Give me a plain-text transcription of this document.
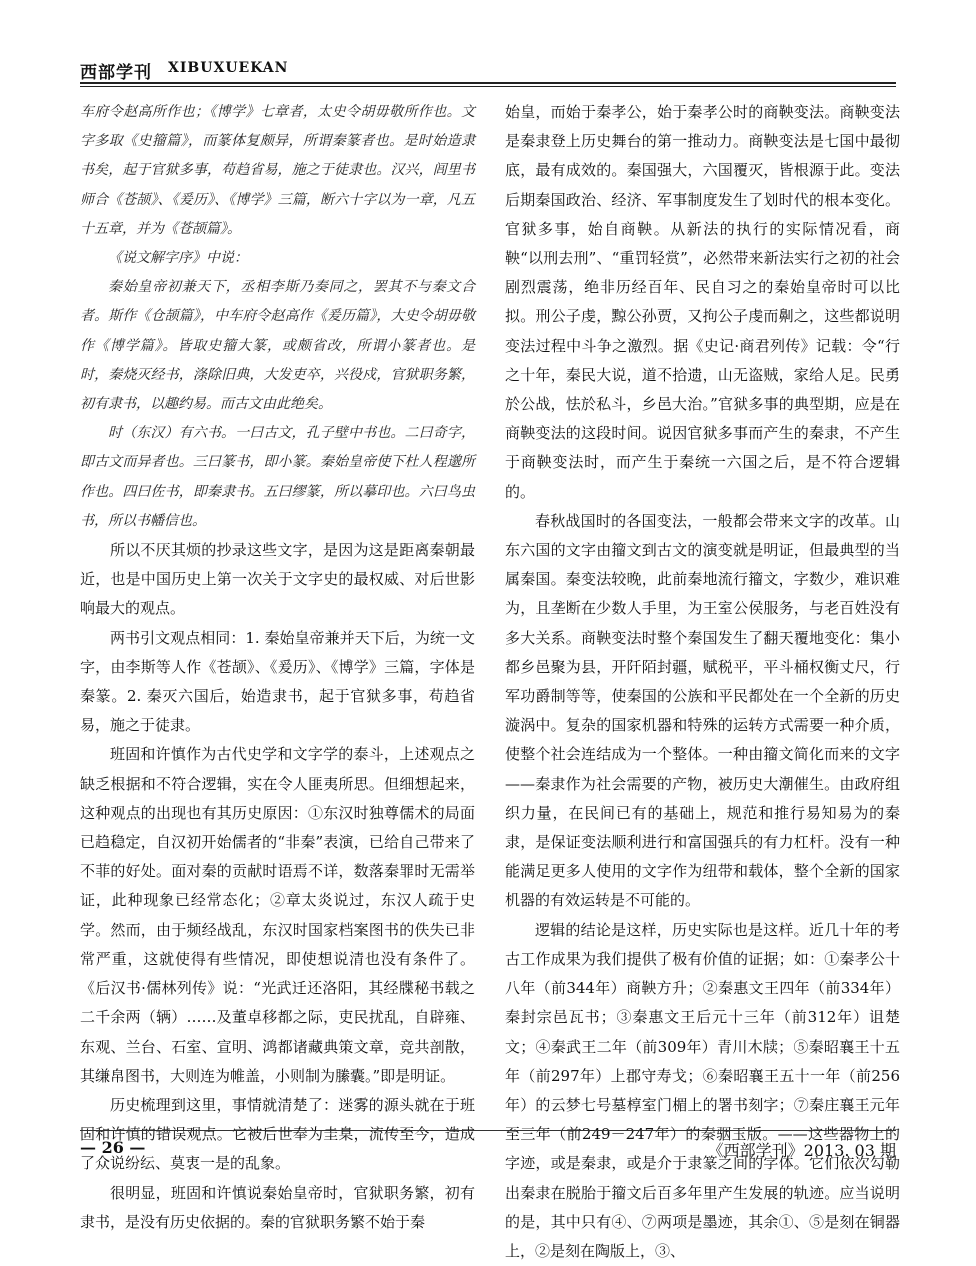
西部学刊 XIBUXUEKAN

车府令赵高所作也；《博学》七章者，太史令胡毋敬所作也。文字多取《史籀篇》，而篆体复颇异，所谓秦篆者也。是时始造隶书矣，起于官狱多事，苟趋省易，施之于徒隶也。汉兴，闾里书师合《苍颉》、《爰历》、《博学》三篇，断六十字以为一章，凡五十五章，并为《苍颉篇》。

《说文解字序》中说：

秦始皇帝初兼天下，丞相李斯乃奏同之，罢其不与秦文合者。斯作《仓颉篇》，中车府令赵高作《爰历篇》，大史令胡毋敬作《博学篇》。皆取史籀大篆，或颇省改，所谓小篆者也。是时，秦烧灭经书，涤除旧典，大发吏卒，兴役戍，官狱职务繁，初有隶书，以趣约易。而古文由此绝矣。

时（东汉）有六书。一曰古文，孔子壁中书也。二曰奇字，即古文而异者也。三曰篆书，即小篆。秦始皇帝使下杜人程邈所作也。四曰佐书，即秦隶书。五曰缪篆，所以摹印也。六曰鸟虫书，所以书幡信也。

所以不厌其烦的抄录这些文字，是因为这是距离秦朝最近，也是中国历史上第一次关于文字史的最权威、对后世影响最大的观点。

两书引文观点相同：1. 秦始皇帝兼并天下后，为统一文字，由李斯等人作《苍颉》、《爰历》、《博学》三篇，字体是秦篆。2. 秦灭六国后，始造隶书，起于官狱多事，苟趋省易，施之于徒隶。

班固和许慎作为古代史学和文字学的泰斗，上述观点之缺乏根据和不符合逻辑，实在令人匪夷所思。但细想起来，这种观点的出现也有其历史原因：①东汉时独尊儒术的局面已趋稳定，自汉初开始儒者的“非秦”表演，已给自己带来了不菲的好处。面对秦的贡献时语焉不详，数落秦罪时无需举证，此种现象已经常态化；②章太炎说过，东汉人疏于史学。然而，由于频经战乱，东汉时国家档案图书的佚失已非常严重，这就使得有些情况，即使想说清也没有条件了。《后汉书·儒林列传》说：“光武迁还洛阳，其经牒秘书载之二千余两（辆）……及董卓移都之际，吏民扰乱，自辟雍、东观、兰台、石室、宣明、鸿都诸藏典策文章，竞共剖散，其缣帛图书，大则连为帷盖，小则制为縢囊。”即是明证。

历史梳理到这里，事情就清楚了：迷雾的源头就在于班固和许慎的错误观点。它被后世奉为圭臬，流传至今，造成了众说纷纭、莫衷一是的乱象。

很明显，班固和许慎说秦始皇帝时，官狱职务繁，初有隶书，是没有历史依据的。秦的官狱职务繁不始于秦

始皇，而始于秦孝公，始于秦孝公时的商鞅变法。商鞅变法是秦隶登上历史舞台的第一推动力。商鞅变法是七国中最彻底，最有成效的。秦国强大，六国覆灭，皆根源于此。变法后期秦国政治、经济、军事制度发生了划时代的根本变化。官狱多事，始自商鞅。从新法的执行的实际情况看，商鞅“以刑去刑”、“重罚轻赏”，必然带来新法实行之初的社会剧烈震荡，绝非历经百年、民自习之的秦始皇帝时可以比拟。刑公子虔，黥公孙贾，又拘公子虔而劓之，这些都说明变法过程中斗争之激烈。据《史记·商君列传》记载：令“行之十年，秦民大说，道不拾遗，山无盗贼，家给人足。民勇於公战，怯於私斗，乡邑大治。”官狱多事的典型期，应是在商鞅变法的这段时间。说因官狱多事而产生的秦隶，不产生于商鞅变法时，而产生于秦统一六国之后，是不符合逻辑的。

春秋战国时的各国变法，一般都会带来文字的改革。山东六国的文字由籀文到古文的演变就是明证，但最典型的当属秦国。秦变法较晚，此前秦地流行籀文，字数少，难识难为，且垄断在少数人手里，为王室公侯服务，与老百姓没有多大关系。商鞅变法时整个秦国发生了翻天覆地变化：集小都乡邑聚为县，开阡陌封疆，赋税平，平斗桶权衡丈尺，行军功爵制等等，使秦国的公族和平民都处在一个全新的历史漩涡中。复杂的国家机器和特殊的运转方式需要一种介质，使整个社会连结成为一个整体。一种由籀文简化而来的文字——秦隶作为社会需要的产物，被历史大潮催生。由政府组织力量，在民间已有的基础上，规范和推行易知易为的秦隶，是保证变法顺利进行和富国强兵的有力杠杆。没有一种能满足更多人使用的文字作为纽带和载体，整个全新的国家机器的有效运转是不可能的。

逻辑的结论是这样，历史实际也是这样。近几十年的考古工作成果为我们提供了极有价值的证据；如：①秦孝公十八年（前344年）商鞅方升；②秦惠文王四年（前334年）秦封宗邑瓦书；③秦惠文王后元十三年（前312年）诅楚文；④秦武王二年（前309年）青川木牍；⑤秦昭襄王十五年（前297年）上郡守寿戈；⑥秦昭襄王五十一年（前256年）的云梦七号墓椁室门楣上的署书刻字；⑦秦庄襄王元年至三年（前249－247年）的秦骃玉版。——这些器物上的字迹，或是秦隶，或是介于隶篆之间的字体。它们依次勾勒出秦隶在脱胎于籀文后百多年里产生发展的轨迹。应当说明的是，其中只有④、⑦两项是墨迹，其余①、⑤是刻在铜器上，②是刻在陶版上，③、

— 26 —	《西部学刊》2013. 03 期
